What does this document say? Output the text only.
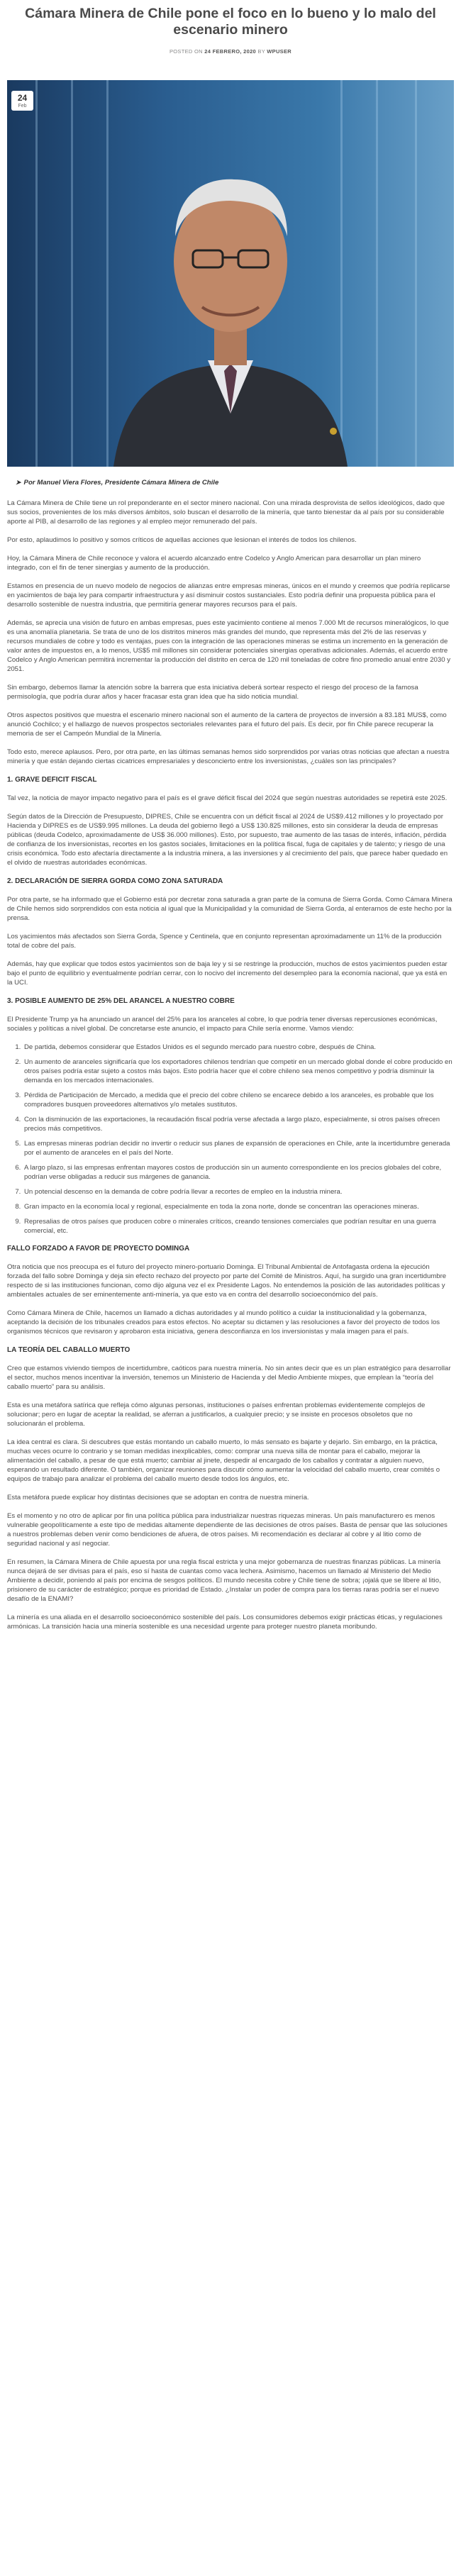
Cámara Minera de Chile pone el foco en lo bueno y lo malo del escenario minero
POSTED ON 24 FEBRERO, 2020 BY WPUSER
24
Feb
➤ Por Manuel Viera Flores, Presidente Cámara Minera de Chile

La Cámara Minera de Chile tiene un rol preponderante en el sector minero nacional. Con una mirada desprovista de sellos ideológicos, dado que sus socios, provenientes de los más diversos ámbitos, solo buscan el desarrollo de la minería, que tanto bienestar da al país por su considerable aporte al PIB, al desarrollo de las regiones y al empleo mejor remunerado del país.

Por esto, aplaudimos lo positivo y somos críticos de aquellas acciones que lesionan el interés de todos los chilenos.

Hoy, la Cámara Minera de Chile reconoce y valora el acuerdo alcanzado entre Codelco y Anglo American para desarrollar un plan minero integrado, con el fin de tener sinergias y aumento de la producción.

Estamos en presencia de un nuevo modelo de negocios de alianzas entre empresas mineras, únicos en el mundo y creemos que podría replicarse en yacimientos de baja ley para compartir infraestructura y así disminuir costos sustanciales. Esto podría definir una propuesta pública para el desarrollo sostenible de nuestra industria, que permitiría generar mayores recursos para el país.

Además, se aprecia una visión de futuro en ambas empresas, pues este yacimiento contiene al menos 7.000 Mt de recursos mineralógicos, lo que es una anomalía planetaria. Se trata de uno de los distritos mineros más grandes del mundo, que representa más del 2% de las reservas y recursos mundiales de cobre y todo es ventajas, pues con la integración de las operaciones mineras se estima un incremento en la generación de valor antes de impuestos en, a lo menos, US$5 mil millones sin considerar potenciales sinergias operativas adicionales. Además, el acuerdo entre Codelco y Anglo American permitirá incrementar la producción del distrito en cerca de 120 mil toneladas de cobre fino promedio anual entre 2030 y 2051.

Sin embargo, debemos llamar la atención sobre la barrera que esta iniciativa deberá sortear respecto el riesgo del proceso de la famosa permisología, que podría durar años y hacer fracasar esta gran idea que ha sido noticia mundial.

Otros aspectos positivos que muestra el escenario minero nacional son el aumento de la cartera de proyectos de inversión a 83.181 MUS$, como anunció Cochilco; y el hallazgo de nuevos prospectos sectoriales relevantes para el futuro del país. Es decir, por fin Chile parece recuperar la memoria de ser el Campeón Mundial de la Minería.

Todo esto, merece aplausos. Pero, por otra parte, en las últimas semanas hemos sido sorprendidos por varias otras noticias que afectan a nuestra minería y que están dejando ciertas cicatrices empresariales y desconcierto entre los inversionistas, ¿cuáles son las principales?

1. GRAVE DEFICIT FISCAL

Tal vez, la noticia de mayor impacto negativo para el país es el grave déficit fiscal del 2024 que según nuestras autoridades se repetirá este 2025.

Según datos de la Dirección de Presupuesto, DIPRES, Chile se encuentra con un déficit fiscal al 2024 de US$9.412 millones y lo proyectado por Hacienda y DIPRES es de US$9.995 millones. La deuda del gobierno llegó a US$ 130.825 millones, esto sin considerar la deuda de empresas públicas (deuda Codelco, aproximadamente de US$ 36.000 millones). Esto, por supuesto, trae aumento de las tasas de interés, inflación, pérdida de confianza de los inversionistas, recortes en los gastos sociales, limitaciones en la política fiscal, fuga de capitales y de talento; y riesgo de una crisis económica. Todo esto afectaría directamente a la industria minera, a las inversiones y al crecimiento del país, que parece haber quedado en el olvido de nuestras autoridades económicas.

2. DECLARACIÓN DE SIERRA GORDA COMO ZONA SATURADA

Por otra parte, se ha informado que el Gobierno está por decretar zona saturada a gran parte de la comuna de Sierra Gorda. Como Cámara Minera de Chile hemos sido sorprendidos con esta noticia al igual que la Municipalidad y la comunidad de Sierra Gorda, al enterarnos de este hecho por la prensa.

Los yacimientos más afectados son Sierra Gorda, Spence y Centinela, que en conjunto representan aproximadamente un 11% de la producción total de cobre del país.

Además, hay que explicar que todos estos yacimientos son de baja ley y si se restringe la producción, muchos de estos yacimientos pueden estar bajo el punto de equilibrio y eventualmente podrían cerrar, con lo nocivo del incremento del desempleo para la economía nacional, que ya está en la UCI.

3. POSIBLE AUMENTO DE 25% DEL ARANCEL A NUESTRO COBRE

El Presidente Trump ya ha anunciado un arancel del 25% para los aranceles al cobre, lo que podría tener diversas repercusiones económicas, sociales y políticas a nivel global. De concretarse este anuncio, el impacto para Chile sería enorme. Vamos viendo:

1. De partida, debemos considerar que Estados Unidos es el segundo mercado para nuestro cobre, después de China.
2. Un aumento de aranceles significaría que los exportadores chilenos tendrían que competir en un mercado global donde el cobre producido en otros países podría estar sujeto a costos más bajos. Esto podría hacer que el cobre chileno sea menos competitivo y podría disminuir la demanda en los mercados internacionales.
3. Pérdida de Participación de Mercado, a medida que el precio del cobre chileno se encarece debido a los aranceles, es probable que los compradores busquen proveedores alternativos y/o metales sustitutos.
4. Con la disminución de las exportaciones, la recaudación fiscal podría verse afectada a largo plazo, especialmente, si otros países ofrecen precios más competitivos.
5. Las empresas mineras podrían decidir no invertir o reducir sus planes de expansión de operaciones en Chile, ante la incertidumbre generada por el aumento de aranceles en el país del Norte.
6. A largo plazo, si las empresas enfrentan mayores costos de producción sin un aumento correspondiente en los precios globales del cobre, podrían verse obligadas a reducir sus márgenes de ganancia.
7. Un potencial descenso en la demanda de cobre podría llevar a recortes de empleo en la industria minera.
8. Gran impacto en la economía local y regional, especialmente en toda la zona norte, donde se concentran las operaciones mineras.
9. Represalias de otros países que producen cobre o minerales críticos, creando tensiones comerciales que podrían resultar en una guerra comercial, etc.
FALLO FORZADO A FAVOR DE PROYECTO DOMINGA

Otra noticia que nos preocupa es el futuro del proyecto minero-portuario Dominga. El Tribunal Ambiental de Antofagasta ordena la ejecución forzada del fallo sobre Dominga y deja sin efecto rechazo del proyecto por parte del Comité de Ministros. Aquí, ha surgido una gran incertidumbre respecto de si las instituciones funcionan, como dijo alguna vez el ex Presidente Lagos. No entendemos la posición de las autoridades políticas y ambientales actuales de ser eminentemente anti-minería, ya que esto va en contra del desarrollo socioeconómico del país.

Como Cámara Minera de Chile, hacemos un llamado a dichas autoridades y al mundo político a cuidar la institucionalidad y la gobernanza, aceptando la decisión de los tribunales creados para estos efectos. No aceptar su dictamen y las resoluciones a favor del proyecto de todos los organismos técnicos que revisaron y aprobaron esta iniciativa, genera desconfianza en los inversionistas y mala imagen para el país.

LA TEORÍA DEL CABALLO MUERTO

Creo que estamos viviendo tiempos de incertidumbre, caóticos para nuestra minería. No sin antes decir que es un plan estratégico para desarrollar el sector, muchos menos incentivar la inversión, tenemos un Ministerio de Hacienda y del Medio Ambiente mixpes, que emplean la “teoría del caballo muerto” para su análisis.

Esta es una metáfora satírica que refleja cómo algunas personas, instituciones o países enfrentan problemas evidentemente complejos de solucionar; pero en lugar de aceptar la realidad, se aferran a justificarlos, a cualquier precio; y se insiste en procesos obsoletos que no solucionarán el problema.

La idea central es clara. Si descubres que estás montando un caballo muerto, lo más sensato es bajarte y dejarlo. Sin embargo, en la práctica, muchas veces ocurre lo contrario y se toman medidas inexplicables, como: comprar una nueva silla de montar para el caballo, mejorar la alimentación del caballo, a pesar de que está muerto; cambiar al jinete, despedir al encargado de los caballos y contratar a alguien nuevo, esperando un resultado diferente. O también, organizar reuniones para discutir cómo aumentar la velocidad del caballo muerto, crear comités o equipos de trabajo para analizar el problema del caballo muerto desde todos los ángulos, etc.

Esta metáfora puede explicar hoy distintas decisiones que se adoptan en contra de nuestra minería.

Es el momento y no otro de aplicar por fin una política pública para industrializar nuestras riquezas mineras. Un país manufacturero es menos vulnerable geopolíticamente a este tipo de medidas altamente dependiente de las decisiones de otros países. Basta de pensar que las soluciones a nuestros problemas deben venir como bendiciones de afuera, de otros países. Mi recomendación es declarar al cobre y al litio como de seguridad nacional y así negociar.

En resumen, la Cámara Minera de Chile apuesta por una regla fiscal estricta y una mejor gobernanza de nuestras finanzas públicas. La minería nunca dejará de ser divisas para el país, eso sí hasta de cuantas como vaca lechera. Asimismo, hacemos un llamado al Ministerio del Medio Ambiente a decidir, poniendo al país por encima de sesgos políticos. El mundo necesita cobre y Chile tiene de sobra; ¡ojalá que se libere al litio, prisionero de su carácter de estratégico; porque es prioridad de Estado. ¿Instalar un poder de compra para los tierras raras podría ser el nuevo desafío de la ENAMI?

La minería es una aliada en el desarrollo socioeconómico sostenible del país. Los consumidores debemos exigir prácticas éticas, y regulaciones armónicas. La transición hacia una minería sostenible es una necesidad urgente para proteger nuestro planeta moribundo.
